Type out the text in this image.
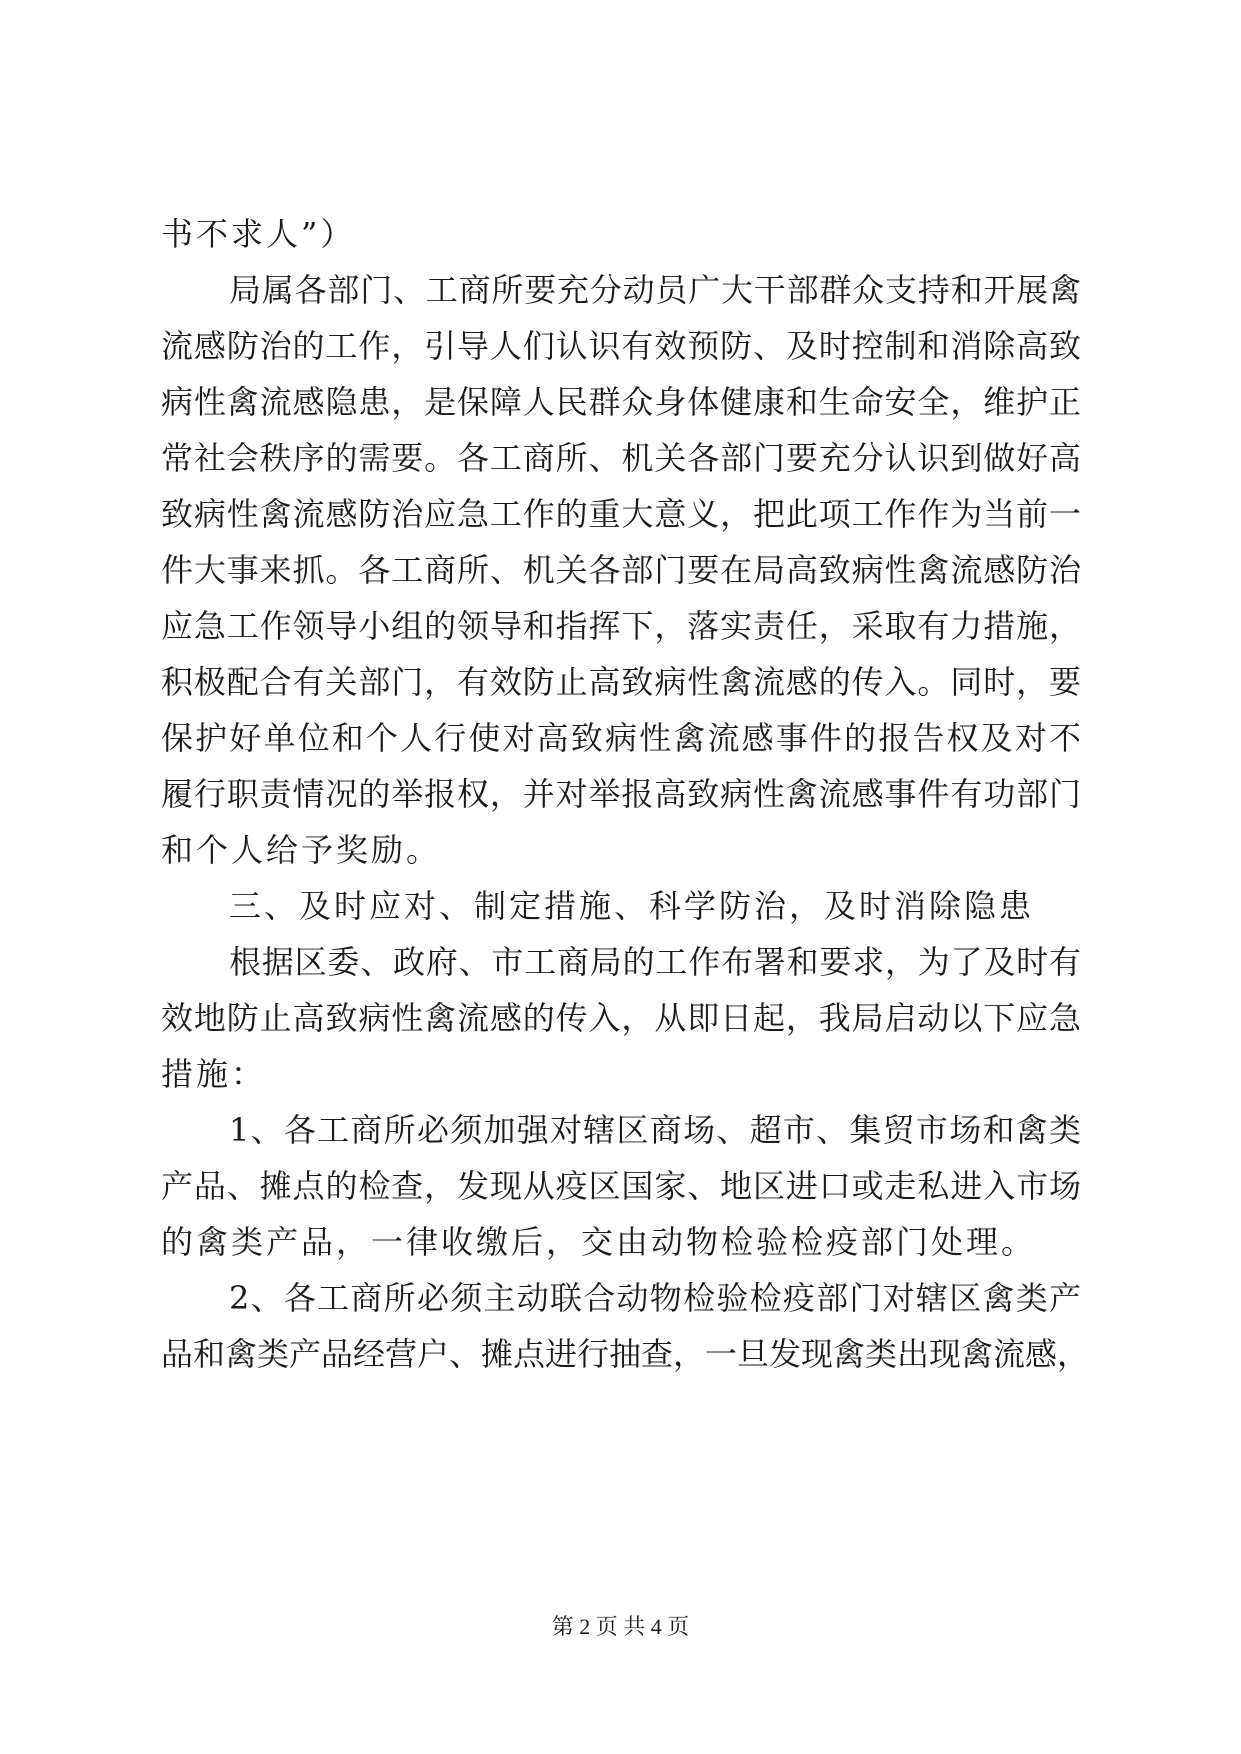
书不求人”）
局属各部门、工商所要充分动员广大干部群众支持和开展禽
流感防治的工作，引导人们认识有效预防、及时控制和消除高致
病性禽流感隐患，是保障人民群众身体健康和生命安全，维护正
常社会秩序的需要。各工商所、机关各部门要充分认识到做好高
致病性禽流感防治应急工作的重大意义，把此项工作作为当前一
件大事来抓。各工商所、机关各部门要在局高致病性禽流感防治
应急工作领导小组的领导和指挥下，落实责任，采取有力措施，
积极配合有关部门，有效防止高致病性禽流感的传入。同时，要
保护好单位和个人行使对高致病性禽流感事件的报告权及对不
履行职责情况的举报权，并对举报高致病性禽流感事件有功部门
和个人给予奖励。
三、及时应对、制定措施、科学防治，及时消除隐患
根据区委、政府、市工商局的工作布署和要求，为了及时有
效地防止高致病性禽流感的传入，从即日起，我局启动以下应急
措施：
1、各工商所必须加强对辖区商场、超市、集贸市场和禽类
产品、摊点的检查，发现从疫区国家、地区进口或走私进入市场
的禽类产品，一律收缴后，交由动物检验检疫部门处理。
2、各工商所必须主动联合动物检验检疫部门对辖区禽类产
品和禽类产品经营户、摊点进行抽查，一旦发现禽类出现禽流感，
第 2 页 共 4 页
